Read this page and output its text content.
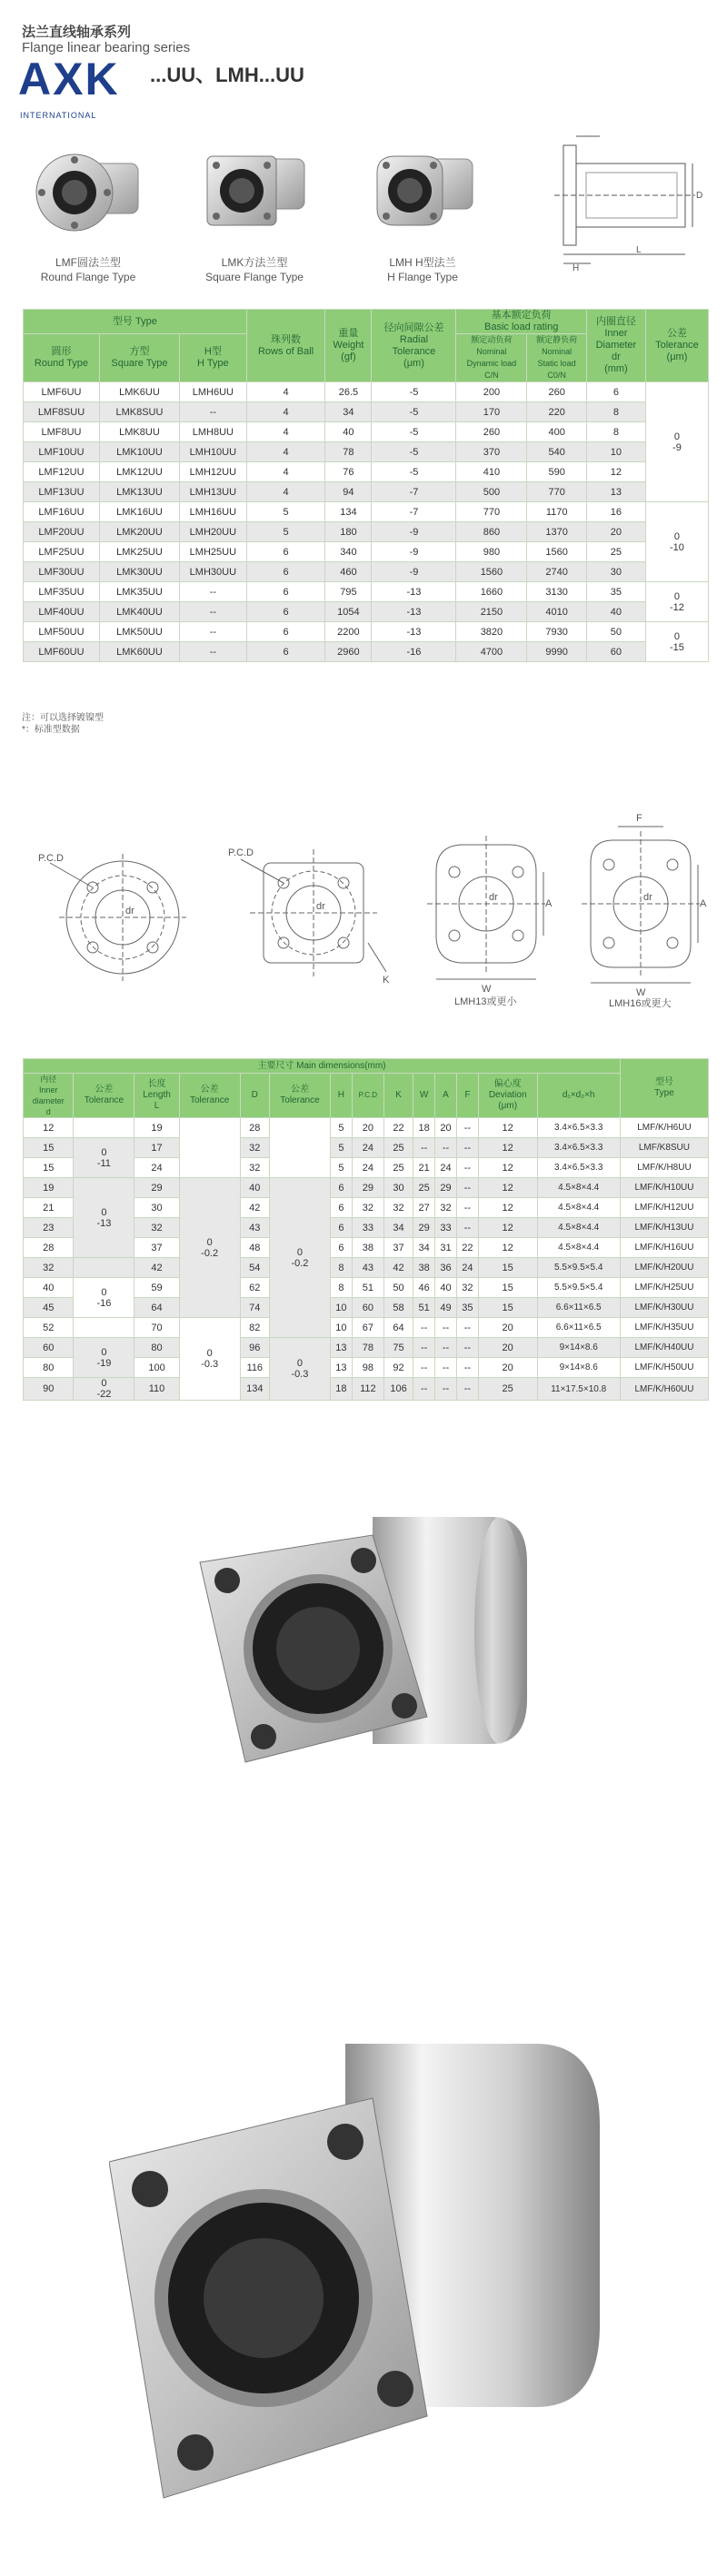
法兰直线轴承系列
Flange linear bearing series
AXK
INTERNATIONAL
...UU、LMH...UU
LMF圆法兰型
Round Flange Type
LMK方法兰型
Square Flange Type
LMH H型法兰
H Flange Type
L
H
D
型号 Type			珠列数
Rows of Ball	重量
Weight
(gf)	径向间隙公差
Radial
Tolerance
(μm)	基本额定负荷
Basic load rating		内圈直径
Inner
Diameter
dr
(mm)	公差
Tolerance
(μm)
圆形
Round Type	方型
Square Type	H型
H Type				额定动负荷
Nominal
Dynamic load
C/N	额定静负荷
Nominal
Static load
C0/N		
LMF6UU	LMK6UU	LMH6UU	4	26.5	-5	200	260	6	0
-9
LMF8SUU	LMK8SUU	--	4	34	-5	170	220	8	
LMF8UU	LMK8UU	LMH8UU	4	40	-5	260	400	8	
LMF10UU	LMK10UU	LMH10UU	4	78	-5	370	540	10	
LMF12UU	LMK12UU	LMH12UU	4	76	-5	410	590	12	
LMF13UU	LMK13UU	LMH13UU	4	94	-7	500	770	13	
LMF16UU	LMK16UU	LMH16UU	5	134	-7	770	1170	16	0
-10
LMF20UU	LMK20UU	LMH20UU	5	180	-9	860	1370	20	
LMF25UU	LMK25UU	LMH25UU	6	340	-9	980	1560	25	
LMF30UU	LMK30UU	LMH30UU	6	460	-9	1560	2740	30	
LMF35UU	LMK35UU	--	6	795	-13	1660	3130	35	0
-12
LMF40UU	LMK40UU	--	6	1054	-13	2150	4010	40	
LMF50UU	LMK50UU	--	6	2200	-13	3820	7930	50	0
-15
LMF60UU	LMK60UU	--	6	2960	-16	4700	9990	60	
注：可以选择镀镍型
*：标准型数据
P.C.D
dr
P.C.D
dr
K
dr
W
A
LMH13或更小
F
dr
W
A
LMH16或更大
主要尺寸 Main dimensions(mm)														型号
Type
内径
Inner
diameter
d	公差
Tolerance	长度
Length
L	公差
Tolerance	D	公差
Tolerance	H	P.C.D	K	W	A	F	偏心度
Deviation
(μm)	d₁×d₂×h	
12		19		28		5	20	22	18	20	--	12	3.4×6.5×3.3	LMF/K/H6UU
15	0
-11	17		32		5	24	25	--	--	--	12	3.4×6.5×3.3	LMF/K8SUU
15		24		32		5	24	25	21	24	--	12	3.4×6.5×3.3	LMF/K/H8UU
19	0
-13	29	0
-0.2	40	0
-0.2	6	29	30	25	29	--	12	4.5×8×4.4	LMF/K/H10UU
21		30		42		6	32	32	27	32	--	12	4.5×8×4.4	LMF/K/H12UU
23		32		43		6	33	34	29	33	--	12	4.5×8×4.4	LMF/K/H13UU
28		37		48		6	38	37	34	31	22	12	4.5×8×4.4	LMF/K/H16UU
32		42		54		8	43	42	38	36	24	15	5.5×9.5×5.4	LMF/K/H20UU
40	0
-16	59		62		8	51	50	46	40	32	15	5.5×9.5×5.4	LMF/K/H25UU
45		64		74		10	60	58	51	49	35	15	6.6×11×6.5	LMF/K/H30UU
52		70	0
-0.3	82		10	67	64	--	--	--	20	6.6×11×6.5	LMF/K/H35UU
60	0
-19	80		96	0
-0.3	13	78	75	--	--	--	20	9×14×8.6	LMF/K/H40UU
80		100		116		13	98	92	--	--	--	20	9×14×8.6	LMF/K/H50UU
90	0
-22	110		134		18	112	106	--	--	--	25	11×17.5×10.8	LMF/K/H60UU
